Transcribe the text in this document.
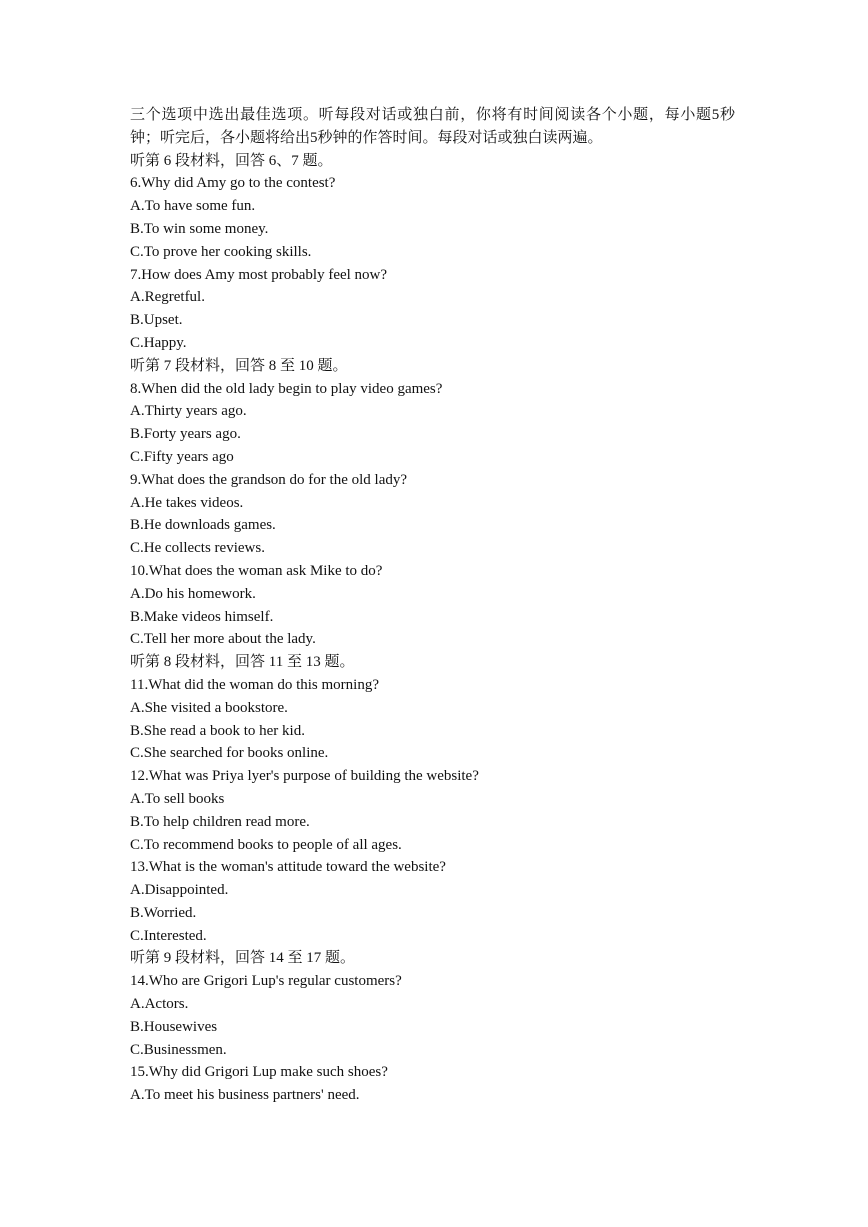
三个选项中选出最佳选项。听每段对话或独白前，你将有时间阅读各个小题，每小题5秒钟；听完后，各小题将给出5秒钟的作答时间。每段对话或独白读两遍。
听第 6 段材料，回答 6、7 题。
6.Why did Amy go to the contest?
A.To have some fun.
B.To win some money.
C.To prove her cooking skills.
7.How does Amy most probably feel now?
A.Regretful.
B.Upset.
C.Happy.
听第 7 段材料，回答 8 至 10 题。
8.When did the old lady begin to play video games?
A.Thirty years ago.
B.Forty years ago.
C.Fifty years ago
9.What does the grandson do for the old lady?
A.He takes videos.
B.He downloads games.
C.He collects reviews.
10.What does the woman ask Mike to do?
A.Do his homework.
B.Make videos himself.
C.Tell her more about the lady.
听第 8 段材料，回答 11 至 13 题。
11.What did the woman do this morning?
A.She visited a bookstore.
B.She read a book to her kid.
C.She searched for books online.
12.What was Priya lyer's purpose of building the website?
A.To sell books
B.To help children read more.
C.To recommend books to people of all ages.
13.What is the woman's attitude toward the website?
A.Disappointed.
B.Worried.
C.Interested.
听第 9 段材料，回答 14 至 17 题。
14.Who are Grigori Lup's regular customers?
A.Actors.
B.Housewives
C.Businessmen.
15.Why did Grigori Lup make such shoes?
A.To meet his business partners' need.
